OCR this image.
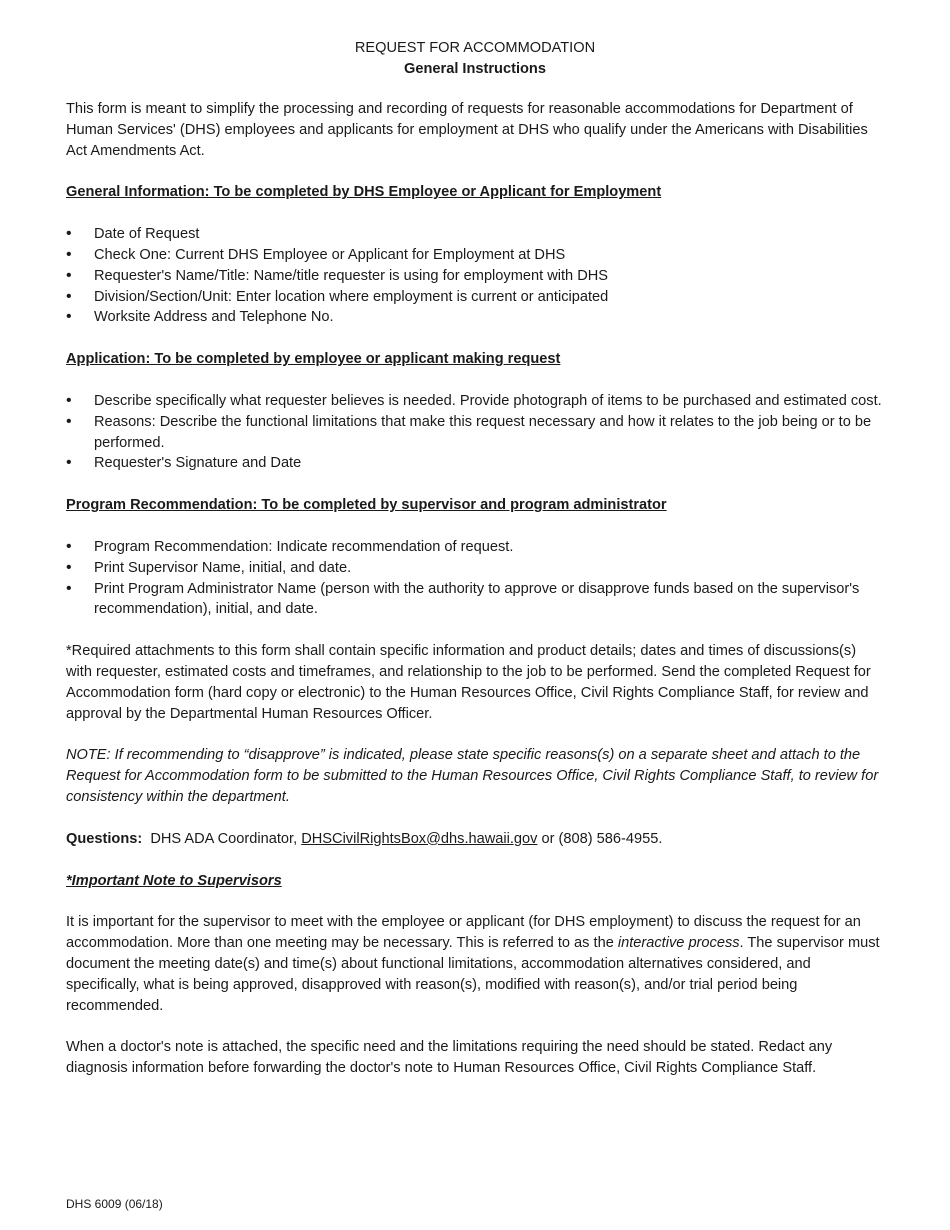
REQUEST FOR ACCOMMODATION

General Instructions

This form is meant to simplify the processing and recording of requests for reasonable accommodations for Department of Human Services' (DHS) employees and applicants for employment at DHS who qualify under the Americans with Disabilities Act Amendments Act.

General Information: To be completed by DHS Employee or Applicant for Employment

• Date of Request
• Check One: Current DHS Employee or Applicant for Employment at DHS
• Requester's Name/Title: Name/title requester is using for employment with DHS
• Division/Section/Unit: Enter location where employment is current or anticipated
• Worksite Address and Telephone No.

Application: To be completed by employee or applicant making request

• Describe specifically what requester believes is needed. Provide photograph of items to be purchased and estimated cost.
• Reasons: Describe the functional limitations that make this request necessary and how it relates to the job being or to be performed.
• Requester's Signature and Date

Program Recommendation: To be completed by supervisor and program administrator

• Program Recommendation: Indicate recommendation of request.
• Print Supervisor Name, initial, and date.
• Print Program Administrator Name (person with the authority to approve or disapprove funds based on the supervisor's recommendation), initial, and date.

*Required attachments to this form shall contain specific information and product details; dates and times of discussions(s) with requester, estimated costs and timeframes, and relationship to the job to be performed. Send the completed Request for Accommodation form (hard copy or electronic) to the Human Resources Office, Civil Rights Compliance Staff, for review and approval by the Departmental Human Resources Officer.

NOTE: If recommending to “disapprove” is indicated, please state specific reasons(s) on a separate sheet and attach to the Request for Accommodation form to be submitted to the Human Resources Office, Civil Rights Compliance Staff, to review for consistency within the department.

Questions: DHS ADA Coordinator, DHSCivilRightsBox@dhs.hawaii.gov or (808) 586-4955.

*Important Note to Supervisors

It is important for the supervisor to meet with the employee or applicant (for DHS employment) to discuss the request for an accommodation. More than one meeting may be necessary. This is referred to as the interactive process. The supervisor must document the meeting date(s) and time(s) about functional limitations, accommodation alternatives considered, and specifically, what is being approved, disapproved with reason(s), modified with reason(s), and/or trial period being recommended.

When a doctor's note is attached, the specific need and the limitations requiring the need should be stated. Redact any diagnosis information before forwarding the doctor's note to Human Resources Office, Civil Rights Compliance Staff.

DHS 6009 (06/18)
